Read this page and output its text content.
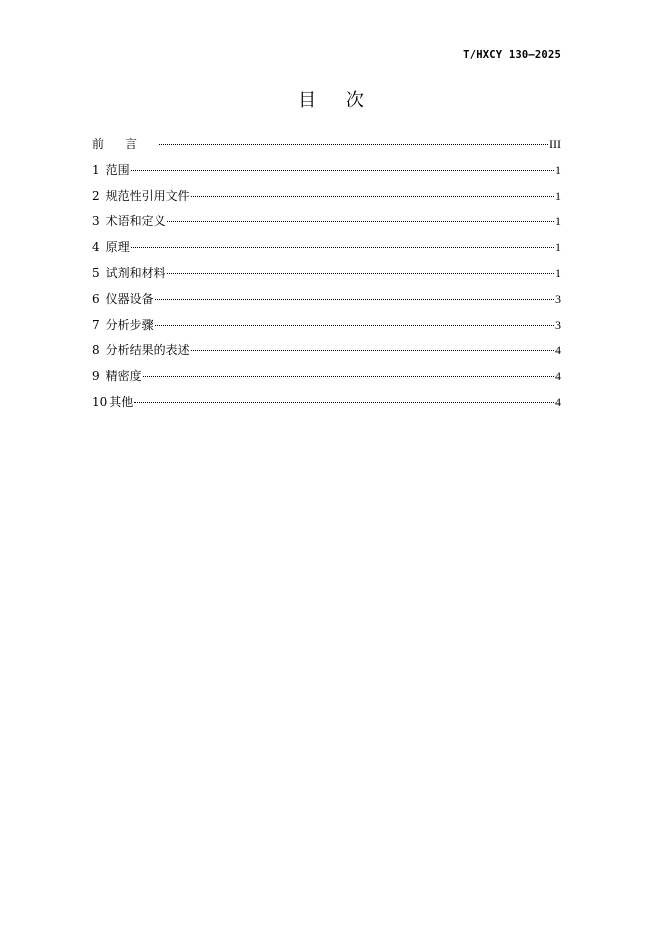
T/HXCY 130—2025
目 次
前言	III
1 范围	1
2 规范性引用文件	1
3 术语和定义	1
4 原理	1
5 试剂和材料	1
6 仪器设备	3
7 分析步骤	3
8 分析结果的表述	4
9 精密度	4
10 其他	4
